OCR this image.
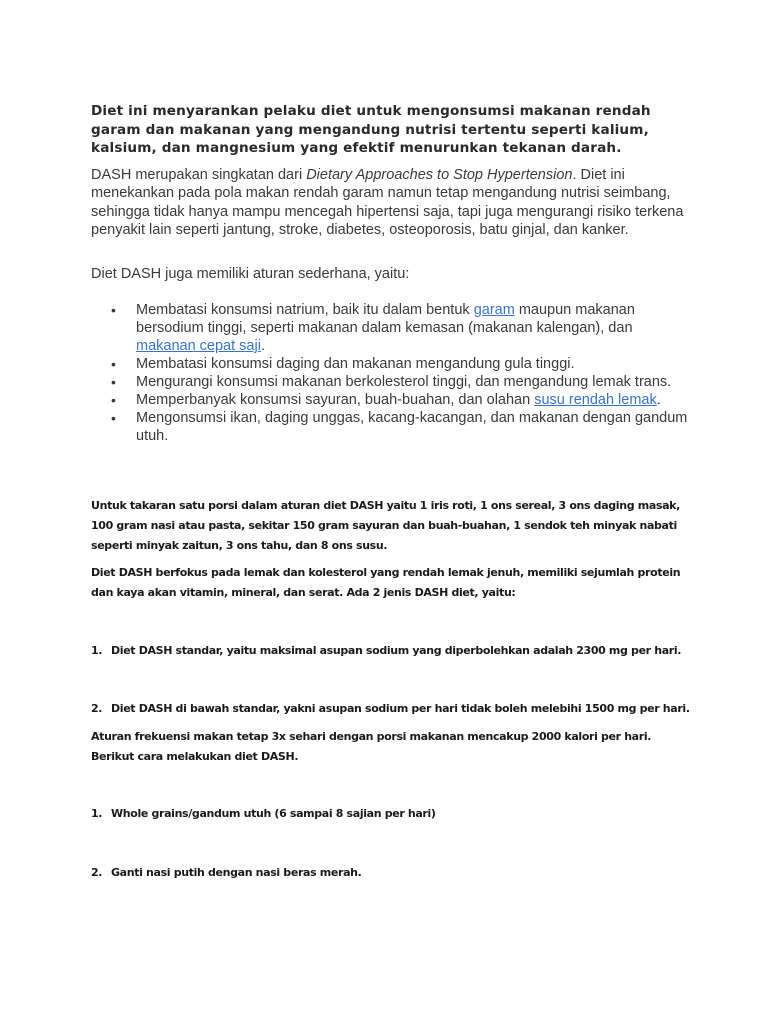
Diet ini menyarankan pelaku diet untuk mengonsumsi makanan rendah garam dan makanan yang mengandung nutrisi tertentu seperti kalium, kalsium, dan mangnesium yang efektif menurunkan tekanan darah.

DASH merupakan singkatan dari Dietary Approaches to Stop Hypertension. Diet ini menekankan pada pola makan rendah garam namun tetap mengandung nutrisi seimbang, sehingga tidak hanya mampu mencegah hipertensi saja, tapi juga mengurangi risiko terkena penyakit lain seperti jantung, stroke, diabetes, osteoporosis, batu ginjal, dan kanker.

Diet DASH juga memiliki aturan sederhana, yaitu:

• Membatasi konsumsi natrium, baik itu dalam bentuk garam maupun makanan bersodium tinggi, seperti makanan dalam kemasan (makanan kalengan), dan makanan cepat saji.
• Membatasi konsumsi daging dan makanan mengandung gula tinggi.
• Mengurangi konsumsi makanan berkolesterol tinggi, dan mengandung lemak trans.
• Memperbanyak konsumsi sayuran, buah-buahan, dan olahan susu rendah lemak.
• Mengonsumsi ikan, daging unggas, kacang-kacangan, dan makanan dengan gandum utuh.

Untuk takaran satu porsi dalam aturan diet DASH yaitu 1 iris roti, 1 ons sereal, 3 ons daging masak, 100 gram nasi atau pasta, sekitar 150 gram sayuran dan buah-buahan, 1 sendok teh minyak nabati seperti minyak zaitun, 3 ons tahu, dan 8 ons susu.

Diet DASH berfokus pada lemak dan kolesterol yang rendah lemak jenuh, memiliki sejumlah protein dan kaya akan vitamin, mineral, dan serat. Ada 2 jenis DASH diet, yaitu:

1. Diet DASH standar, yaitu maksimal asupan sodium yang diperbolehkan adalah 2300 mg per hari.

2. Diet DASH di bawah standar, yakni asupan sodium per hari tidak boleh melebihi 1500 mg per hari.

Aturan frekuensi makan tetap 3x sehari dengan porsi makanan mencakup 2000 kalori per hari. Berikut cara melakukan diet DASH.

1. Whole grains/gandum utuh (6 sampai 8 sajian per hari)

2. Ganti nasi putih dengan nasi beras merah.
